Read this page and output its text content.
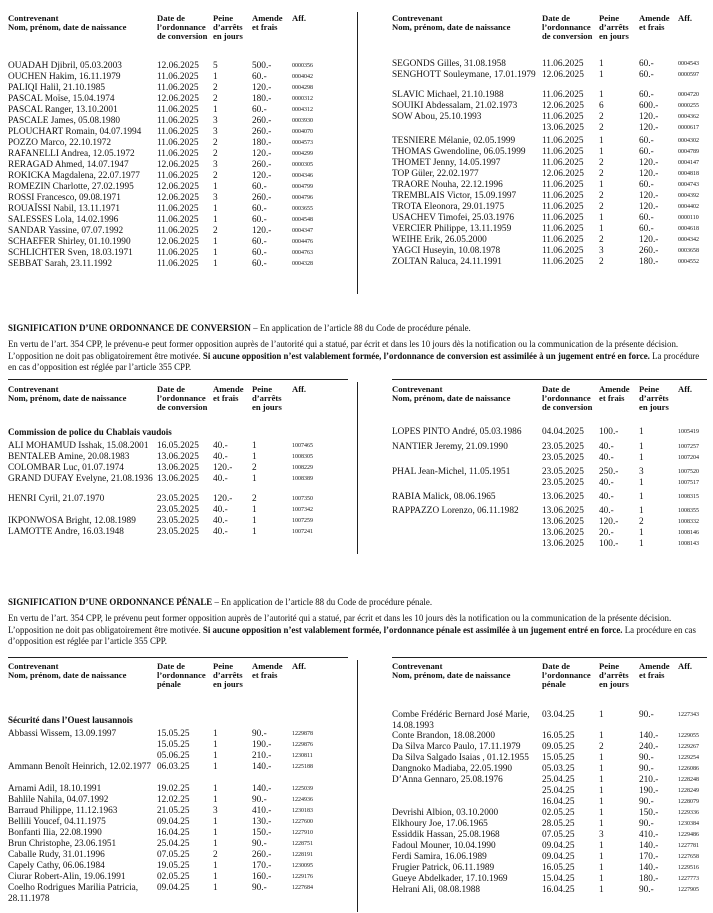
Contrevenant
Nom, prénom, date de naissance
Date de
l’ordonnance
de conversion
Peine
d’arrêts
en jours
Amende
et frais
Aff.
OUADAH Djibril, 05.03.2003	12.06.2025 5	500.-	0000356
OUCHEN Hakim, 16.11.1979	11.06.2025 1	60.-	0004042
PALIQI Halil, 21.10.1985	11.06.2025 2	120.-	0004298
PASCAL Moïse, 15.04.1974	12.06.2025 2	180.-	0000312
PASCAL Ranger, 13.10.2001	11.06.2025 1	60.-	0004312
PASCALE James, 05.08.1980	11.06.2025 3	260.-	0003930
PLOUCHART Romain, 04.07.1994	11.06.2025 3	260.-	0004070
POZZO Marco, 22.10.1972	11.06.2025 2	180.-	0004573
RAFANELLI Andrea, 12.05.1972	11.06.2025 2	120.-	0004299
RERAGAD Ahmed, 14.07.1947	12.06.2025 3	260.-	0000305
ROKICKA Magdalena, 22.07.1977	11.06.2025 2	120.-	0004346
ROMEZIN Charlotte, 27.02.1995	12.06.2025 1	60.-	0004799
ROSSI Francesco, 09.08.1971	12.06.2025 3	260.-	0004796
ROUAÏSSI Nabil, 13.11.1971	11.06.2025 1	60.-	0003655
SALESSES Lola, 14.02.1996	11.06.2025 1	60.-	0004548
SANDAR Yassine, 07.07.1992	11.06.2025 2	120.-	0004347
SCHAEFER Shirley, 01.10.1990	12.06.2025 1	60.-	0004476
SCHLICHTER Sven, 18.03.1971	11.06.2025 1	60.-	0004763
SEBBAT Sarah, 23.11.1992	11.06.2025 1	60.-	0004328
Contrevenant
Nom, prénom, date de naissance
Date de
l’ordonnance
de conversion
Peine
d’arrêts
en jours
Amende
et frais
Aff.
SEGONDS Gilles, 31.08.1958	11.06.2025 1	60.-	0004543
SENGHOTT Souleymane, 17.01.1979 12.06.2025 1	60.-	0000597
SLAVIC Michael, 21.10.1988	11.06.2025 1	60.-	0004720
SOUIKI Abdessalam, 21.02.1973	12.06.2025 6	600.-	0000255
SOW Abou, 25.10.1993	11.06.2025 2	120.-	0004362
13.06.2025 2	120.-	0000617
TESNIERE Mélanie, 02.05.1999	11.06.2025 1	60.-	0004302
THOMAS Gwendoline, 06.05.1999	11.06.2025 1	60.-	0004789
THOMET Jenny, 14.05.1997	11.06.2025 2	120.-	0004147
TOP Güler, 22.02.1977	12.06.2025 2	120.-	0004818
TRAORE Nouha, 22.12.1996	11.06.2025 1	60.-	0004743
TREMBLAIS Victor, 15.09.1997	11.06.2025 2	120.-	0004392
TROTA Eleonora, 29.01.1975	11.06.2025 2	120.-	0004402
USACHEV Timofei, 25.03.1976	11.06.2025 1	60.-	0000110
VERCIER Philippe, 13.11.1959	11.06.2025 1	60.-	0004618
WEIHE Erik, 26.05.2000	11.06.2025 2	120.-	0004342
YAGCI Huseyin, 10.08.1978	11.06.2025 3	260.-	0003658
ZOLTAN Raluca, 24.11.1991	11.06.2025 2	180.-	0004552
SIGNIFICATION D’UNE ORDONNANCE DE CONVERSION – En application de l’article 88 du Code de procédure pénale.
En vertu de l’art. 354 CPP, le prévenu-e peut former opposition auprès de l’autorité qui a statué, par écrit et dans les 10 jours dès la notification ou la communication de la présente décision. L’opposition ne doit pas obligatoirement être motivée. Si aucune opposition n’est valablement formée, l’ordonnance de conversion est assimilée à un jugement entré en force. La procédure en cas d’opposition est réglée par l’article 355 CPP.
Contrevenant
Nom, prénom, date de naissance
Date de
l’ordonnance
de conversion
Amende
et frais
Peine
d’arrêts
en jours
Aff.
Commission de police du Chablais vaudois
ALI MOHAMUD Isshak, 15.08.2001 16.05.2025 40.-	1	1007465
BENTALEB Amine, 20.08.1983	13.06.2025 40.-	1	1008305
COLOMBAR Luc, 01.07.1974	13.06.2025 120.- 2	1008229
GRAND DUFAY Evelyne, 21.08.1936 13.06.2025 40.-	1	1008389
HENRI Cyril, 21.07.1970	23.05.2025 120.- 2	1007350
23.05.2025 40.-	1	1007342
IKPONWOSA Bright, 12.08.1989	23.05.2025 40.-	1	1007259
LAMOTTE Andre, 16.03.1948	23.05.2025 40.-	1	1007241
Contrevenant
Nom, prénom, date de naissance
Date de
l’ordonnance
de conversion
Amende
et frais
Peine
d’arrêts
en jours
Aff.
LOPES PINTO André, 05.03.1986	04.04.2025 100.- 1	1005419
NANTIER Jeremy, 21.09.1990	23.05.2025 40.-	1	1007257
23.05.2025 40.-	1	1007204
PHAL Jean-Michel, 11.05.1951	23.05.2025 250.- 3	1007520
23.05.2025 40.-	1	1007517
RABIA Malick, 08.06.1965	13.06.2025 40.-	1	1008315
RAPPAZZO Lorenzo, 06.11.1982	13.06.2025 40.-	1	1008355
13.06.2025 120.- 2	1008332
13.06.2025 20.-	1	1008146
13.06.2025 100.- 1	1008143
SIGNIFICATION D’UNE ORDONNANCE PÉNALE – En application de l’article 88 du Code de procédure pénale.
En vertu de l’art. 354 CPP, le prévenu peut former opposition auprès de l’autorité qui a statué, par écrit et dans les 10 jours dès la notification ou la communication de la présente décision. L’opposition ne doit pas obligatoirement être motivée. Si aucune opposition n’est valablement formée, l’ordonnance pénale est assimilée à un jugement entré en force. La procédure en cas d’opposition est réglée par l’article 355 CPP.
Contrevenant
Nom, prénom, date de naissance
Date de
l’ordonnance
pénale
Peine
d’arrêts
en jours
Amende
et frais
Aff.
Sécurité dans l’Ouest lausannois
Abbassi Wissem, 13.09.1997	15.05.25	1	90.-	1229878
15.05.25	1	190.-	1229876
05.06.25	1	210.-	1230811
Ammann Benoît Heinrich, 12.02.1977 06.03.25	1	140.-	1225188
Arnami Adil, 18.10.1991	19.02.25	1	140.-	1225039
Bahlile Nahila, 04.07.1992	12.02.25	1	90.-	1224936
Barraud Philippe, 11.12.1963	21.05.25	3	410.-	1230183
Bellili Youcef, 04.11.1975	09.04.25	1	130.-	1227600
Bonfanti Ilia, 22.08.1990	16.04.25	1	150.-	1227910
Brun Christophe, 23.06.1951	25.04.25	1	90.-	1228751
Caballe Rudy, 31.01.1996	07.05.25	2	260.-	1228191
Capely Cathy, 06.06.1984	19.05.25	1	170.-	1230095
Ciurar Robert-Alin, 19.06.1991	02.05.25	1	160.-	1229176
Coelho Rodrigues Marilia Patricia, 28.11.1978
09.04.25	1	90.-	1227684
Contrevenant
Nom, prénom, date de naissance
Date de
l’ordonnance
pénale
Peine
d’arrêts
en jours
Amende
et frais
Aff.
Combe Frédéric Bernard José Marie, 14.08.1993
03.04.25	1	90.-	1227343
Conte Brandon, 18.08.2000	16.05.25	1	140.-	1229055
Da Silva Marco Paulo, 17.11.1979	09.05.25	2	240.-	1229267
Da Silva Salgado Isaias , 01.12.1955	15.05.25	1	90.-	1229254
Dangnoko Madiaba, 22.05.1990	05.03.25	1	90.-	1226086
D’Anna Gennaro, 25.08.1976	25.04.25	1	210.-	1228248
25.04.25	1	190.-	1228249
16.04.25	1	90.-	1228079
Devrishi Albion, 03.10.2000	02.05.25	1	150.-	1229336
Elkhoury Joe, 17.06.1965	28.05.25	1	90.-	1230384
Essiddik Hassan, 25.08.1968	07.05.25	3	410.-	1229486
Fadoul Mouner, 10.04.1990	09.04.25	1	140.-	1227781
Ferdi Samira, 16.06.1989	09.04.25	1	170.-	1227658
Frugier Patrick, 06.11.1989	16.05.25	1	140.-	1229516
Gueye Abdelkader, 17.10.1969	15.04.25	1	180.-	1227773
Helrani Ali, 08.08.1988	16.04.25	1	90.-	1227905
